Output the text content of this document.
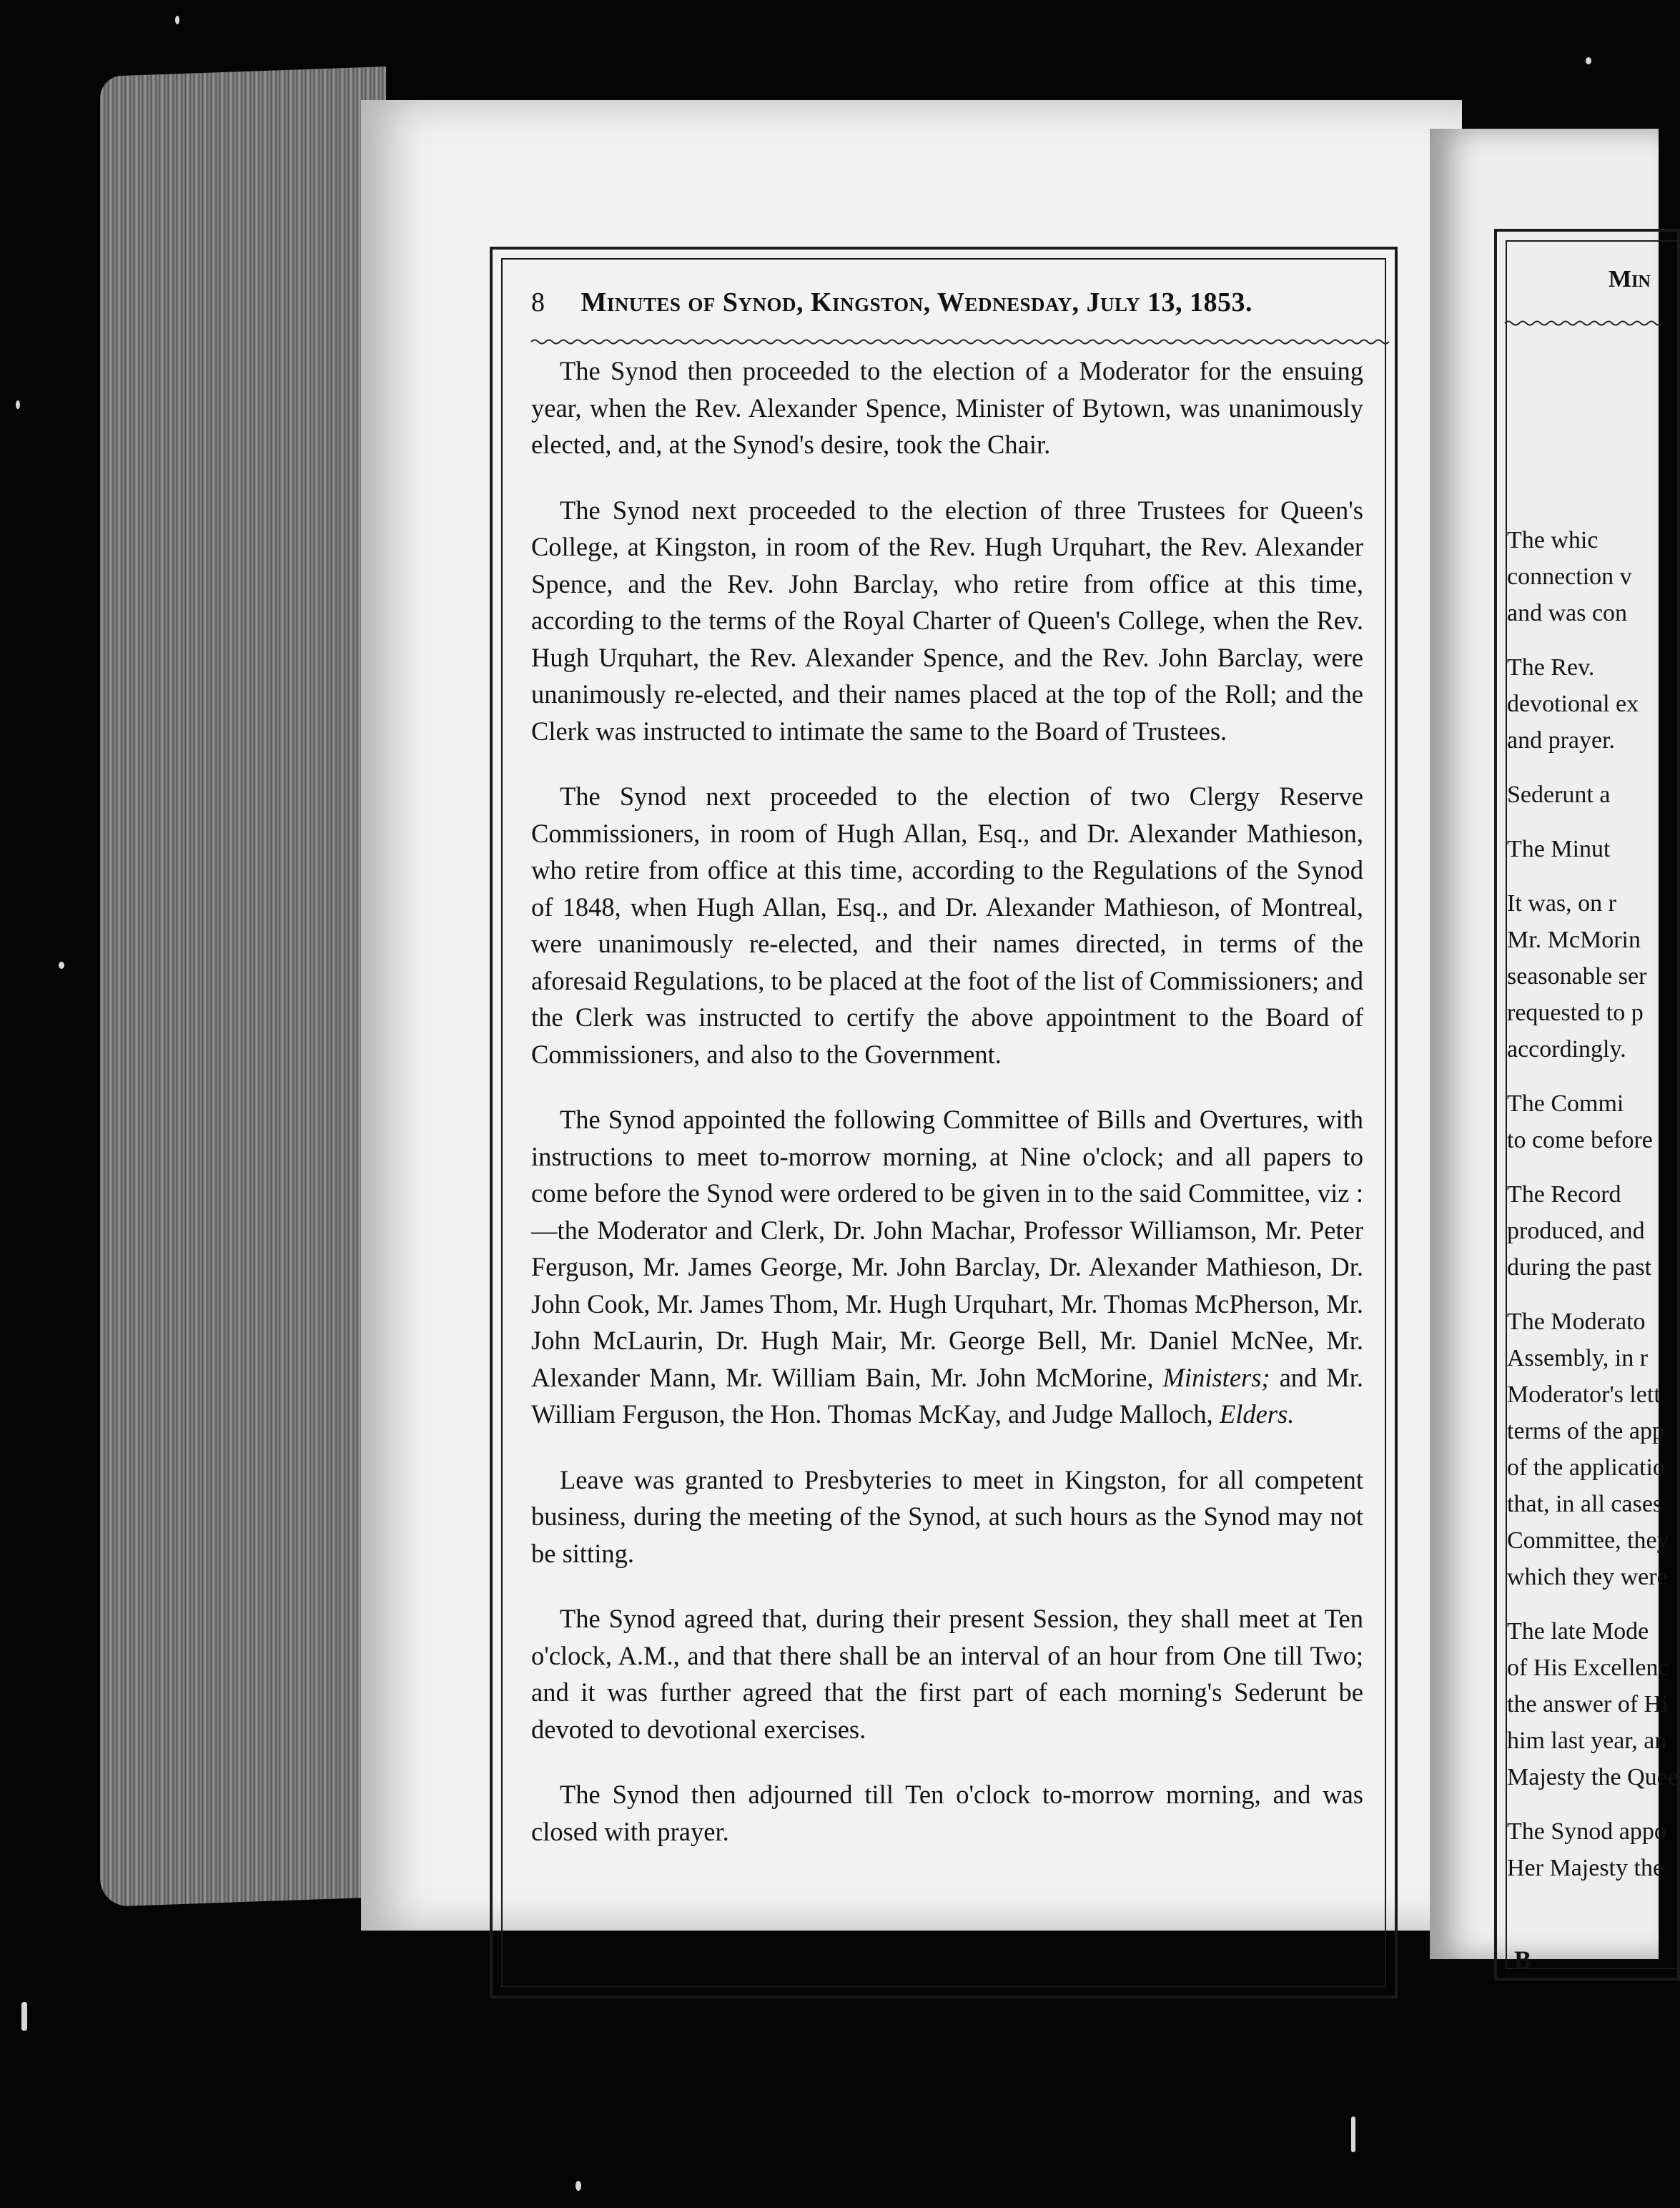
8 Minutes of Synod, Kingston, Wednesday, July 13, 1853.

The Synod then proceeded to the election of a Moderator for the ensuing year, when the Rev. Alexander Spence, Minister of Bytown, was unanimously elected, and, at the Synod's desire, took the Chair.

The Synod next proceeded to the election of three Trustees for Queen's College, at Kingston, in room of the Rev. Hugh Urquhart, the Rev. Alexander Spence, and the Rev. John Barclay, who retire from office at this time, according to the terms of the Royal Charter of Queen's College, when the Rev. Hugh Urquhart, the Rev. Alexander Spence, and the Rev. John Barclay, were unanimously re-elected, and their names placed at the top of the Roll; and the Clerk was instructed to intimate the same to the Board of Trustees.

The Synod next proceeded to the election of two Clergy Reserve Commissioners, in room of Hugh Allan, Esq., and Dr. Alexander Mathieson, who retire from office at this time, according to the Regulations of the Synod of 1848, when Hugh Allan, Esq., and Dr. Alexander Mathieson, of Montreal, were unanimously re-elected, and their names directed, in terms of the aforesaid Regulations, to be placed at the foot of the list of Commissioners; and the Clerk was instructed to certify the above appointment to the Board of Commissioners, and also to the Government.

The Synod appointed the following Committee of Bills and Overtures, with instructions to meet to-morrow morning, at Nine o'clock; and all papers to come before the Synod were ordered to be given in to the said Committee, viz :—the Moderator and Clerk, Dr. John Machar, Professor Williamson, Mr. Peter Ferguson, Mr. James George, Mr. John Barclay, Dr. Alexander Mathieson, Dr. John Cook, Mr. James Thom, Mr. Hugh Urquhart, Mr. Thomas McPherson, Mr. John McLaurin, Dr. Hugh Mair, Mr. George Bell, Mr. Daniel McNee, Mr. Alexander Mann, Mr. William Bain, Mr. John McMorine, Ministers; and Mr. William Ferguson, the Hon. Thomas McKay, and Judge Malloch, Elders.

Leave was granted to Presbyteries to meet in Kingston, for all competent business, during the meeting of the Synod, at such hours as the Synod may not be sitting.

The Synod agreed that, during their present Session, they shall meet at Ten o'clock, A.M., and that there shall be an interval of an hour from One till Two; and it was further agreed that the first part of each morning's Sederunt be devoted to devotional exercises.

The Synod then adjourned till Ten o'clock to-morrow morning, and was closed with prayer.

Min
The whic
connection v
and was con
The Rev.
devotional ex
and prayer.
Sederunt a
The Minut
It was, on r
Mr. McMorin
seasonable ser
requested to p
accordingly.
The Commi
to come before
The Record
produced, and
during the past
The Moderato
Assembly, in r
Moderator's lett
terms of the app
of the applicatio
that, in all cases
Committee, they
which they were
The late Mode
of His Excellenc
the answer of Hi
him last year, an
Majesty the Quee
The Synod appo
Her Majesty the
B
